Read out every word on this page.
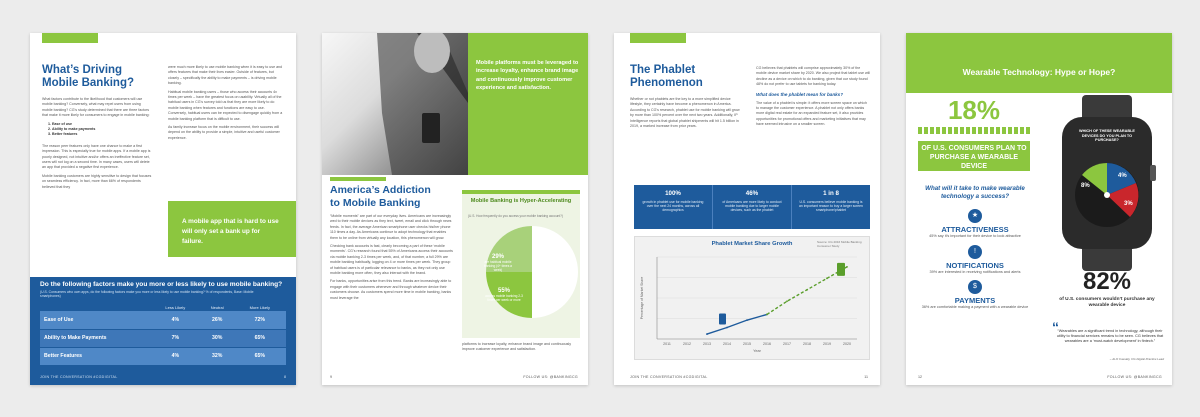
What’s Driving
Mobile Banking?

What factors contribute to the likelihood that customers will use mobile banking? Conversely, what may repel users from using mobile banking? CG’s study determined that there are three factors that make it more likely for consumers to engage in mobile banking:

1. Ease of use
2. Ability to make payments
3. Better features

The reason peer features only have one chance to make a first impression. This is especially true for mobile apps. If a mobile app is poorly designed, not intuitive and/or offers an ineffective feature set, users will not log on a second time. In many cases, users will delete an app that provided a negative first experience.

Mobile banking customers are highly sensitive to design that focuses on seamless efficiency. In fact, more than 66% of respondents believed that they

were much more likely to use mobile banking when it is easy to use and offers features that make their lives easier. Outside of features, but closely – specifically the ability to make payments – is driving mobile banking.

Habitual mobile banking users – those who access their accounts 4x times per week – have the greatest focus on usability. Virtually all of the habitual users in CG’s survey told us that they are more likely to do mobile banking when features and functions are easy to use. Conversely, habitual users can be expected to disengage quickly from a mobile banking platform that is difficult to use.

As family increase focus on the mobile environment, their success will depend on the ability to provide a simple, intuitive and useful customer experience.

A mobile app that is hard to use will only set a bank up for failure.
Do the following factors make you more or less likely to use mobile banking?
(U.S. Consumers who own apps, do the following factors make you more or less likely to use mobile banking? % of respondents, Base: Mobile smartphones)
	Less Likely	Neutral	More Likely
Ease of Use	4%	26%	72%
Ability to Make Payments	7%	30%	65%
Better Features	4%	32%	65%
JOIN THE CONVERSATION #CGDIGITAL	8
Mobile platforms must be leveraged to increase loyalty, enhance brand image and continuously improve customer experience and satisfaction.
America’s Addiction
to Mobile Banking

“Mobile moments” are part of our everyday lives. Americans are increasingly wed to their mobile devices as they text, tweet, email and click through news feeds. In fact, the average American smartphone user checks his/her phone 110 times a day. As Americans continue to adopt technology that enables them to be online from virtually any location, this phenomenon will grow.

Checking bank accounts is fast, clearly becoming a part of these ‘mobile moments’. CG’s research found that 55% of Americans access their accounts via mobile banking 2-3 times per week, and, of that number, a full 29% are mobile banking habitually, logging on 4 or more times per week. They group of habitual users is of particular relevance to banks, as they not only use mobile banking more often, they also interact with the brand.

For banks, opportunities arise from this trend. Banks are increasingly able to engage with their customers whenever and through whatever device their customers choose. As customers spend more time in mobile banking, banks must leverage the

Mobile Banking is Hyper-Accelerating
(U.S. How frequently do you access your mobile banking account?)
29%
are habitual mobile banking (4+ times a week)
55%
access mobile banking 2-3 times per week or more
platforms to increase loyalty, enhance brand image and continuously improve customer experience and satisfaction.
9	FOLLOW US: @BANKINGCG
The Phablet
Phenomenon
Whether or not phablets are the key to a more simplified device lifestyle, they certainly have become a phenomenon in America. According to CG’s research, phablet use for mobile banking will grow by more than 100% percent over the next two years. Additionally, IP Intelligence reports that global phablet shipments will hit 1.5 billion in 2019, a marked increase from prior years.
CG believes that phablets will comprise approximately 30% of the mobile device market share by 2020. We also project that tablet use will decline as a device on which to do banking, given that our study found 48% do not prefer to use tablets for banking today.
What does the phablet mean for banks?
The value of a phablet is simple: it offers more screen space on which to manage the customer experience. A phablet not only offers banks more digital real estate for an expanded feature set, it also provides opportunities for promotional offers and marketing initiatives that may have seemed intrusive on a smaller screen.
100%
growth in phablet use for mobile banking over the next 24 months, across all demographics
46%
of Americans are more likely to conduct mobile banking due to larger mobile devices, such as the phablet
1 in 8
U.S. consumers believe mobile banking is an important reason to buy a larger screen smartphone/phablet
Phablet Market Share Growth	Source: CG 2016 Mobile Banking Consumer Study
2011	2012	2013	2014	2015	2016	2017	2018	2019	2020
Year
Percentage of Market Share
JOIN THE CONVERSATION #CGDIGITAL	11
Wearable Technology: Hype or Hope?
18%
OF U.S. CONSUMERS PLAN TO PURCHASE A WEARABLE DEVICE
What will it take to make wearable technology a success?
★
ATTRACTIVENESS
45% say it’s important for their device to look attractive
!
NOTIFICATIONS
39% are interested in receiving notifications and alerts
$
PAYMENTS
36% are comfortable making a payment with a wearable device
WHICH OF THESE WEARABLE DEVICES DO YOU PLAN TO PURCHASE?
8%
4%
3%
82%
of U.S. consumers wouldn’t purchase any wearable device
“
“Wearables are a significant trend in technology, although their utility to financial services remains to be seen. CG believes that wearables are a ‘must-watch development’ in fintech.”
– ALO Cassidy, CG Digital Practice Lead
12	FOLLOW US: @BANKINGCG
